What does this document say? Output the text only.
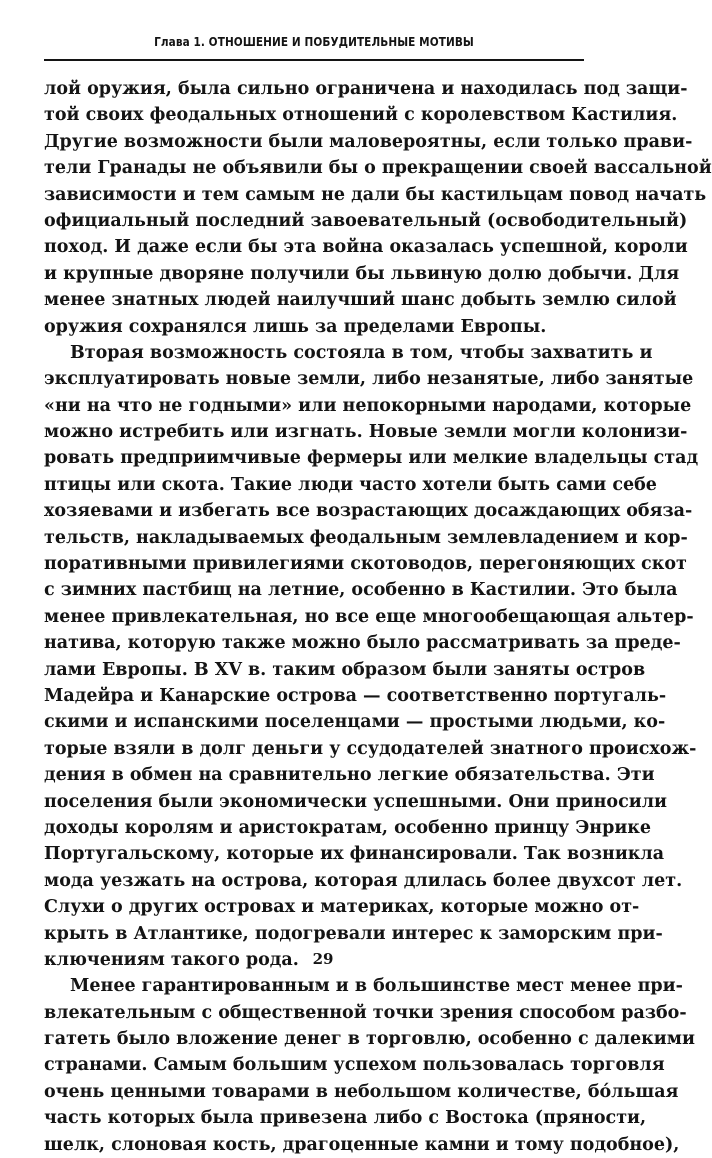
Глава 1. ОТНОШЕНИЕ И ПОБУДИТЕЛЬНЫЕ МОТИВЫ
лой оружия, была сильно ограничена и находилась под защи-
той своих феодальных отношений с королевством Кастилия.
Другие возможности были маловероятны, если только прави-
тели Гранады не объявили бы о прекращении своей вассальной
зависимости и тем самым не дали бы кастильцам повод начать
официальный последний завоевательный (освободительный)
поход. И даже если бы эта война оказалась успешной, короли
и крупные дворяне получили бы львиную долю добычи. Для
менее знатных людей наилучший шанс добыть землю силой
оружия сохранялся лишь за пределами Европы.
Вторая возможность состояла в том, чтобы захватить и
эксплуатировать новые земли, либо незанятые, либо занятые
«ни на что не годными» или непокорными народами, которые
можно истребить или изгнать. Новые земли могли колонизи-
ровать предприимчивые фермеры или мелкие владельцы стад
птицы или скота. Такие люди часто хотели быть сами себе
хозяевами и избегать все возрастающих досаждающих обяза-
тельств, накладываемых феодальным землевладением и кор-
поративными привилегиями скотоводов, перегоняющих скот
с зимних пастбищ на летние, особенно в Кастилии. Это была
менее привлекательная, но все еще многообещающая альтер-
натива, которую также можно было рассматривать за преде-
лами Европы. В XV в. таким образом были заняты остров
Мадейра и Канарские острова — соответственно португаль-
скими и испанскими поселенцами — простыми людьми, ко-
торые взяли в долг деньги у ссудодателей знатного происхож-
дения в обмен на сравнительно легкие обязательства. Эти
поселения были экономически успешными. Они приносили
доходы королям и аристократам, особенно принцу Энрике
Португальскому, которые их финансировали. Так возникла
мода уезжать на острова, которая длилась более двухсот лет.
Слухи о других островах и материках, которые можно от-
крыть в Атлантике, подогревали интерес к заморским при-
ключениям такого рода.
Менее гарантированным и в большинстве мест менее при-
влекательным с общественной точки зрения способом разбо-
гатеть было вложение денег в торговлю, особенно с далекими
странами. Самым большим успехом пользовалась торговля
очень ценными товарами в небольшом количестве, бóльшая
часть которых была привезена либо с Востока (пряности,
шелк, слоновая кость, драгоценные камни и тому подобное),
29
